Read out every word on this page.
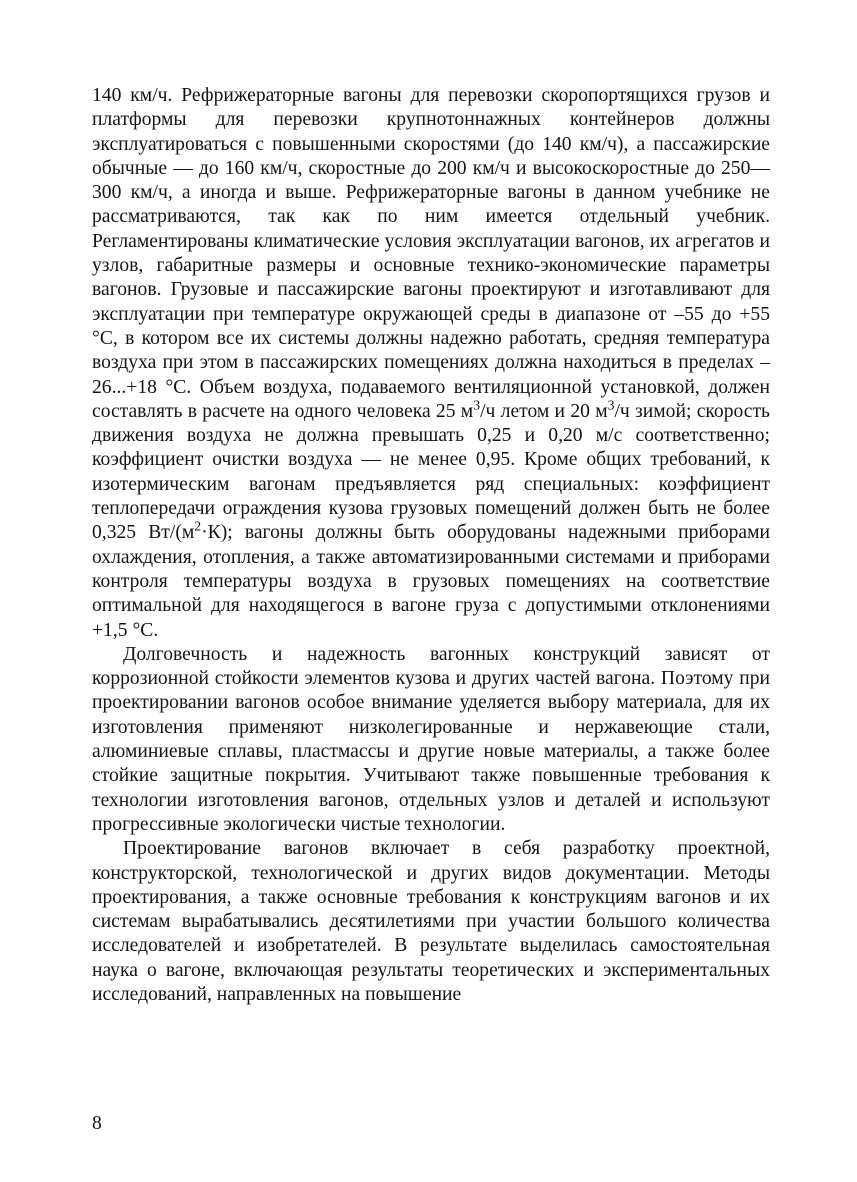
140 км/ч. Рефрижераторные вагоны для перевозки скоропортящихся грузов и платформы для перевозки крупнотоннажных контейнеров должны эксплуатироваться с повышенными скоростями (до 140 км/ч), а пассажирские обычные — до 160 км/ч, скоростные до 200 км/ч и высокоскоростные до 250—300 км/ч, а иногда и выше. Рефрижераторные вагоны в данном учебнике не рассматриваются, так как по ним имеется отдельный учебник. Регламентированы климатические условия эксплуатации вагонов, их агрегатов и узлов, габаритные размеры и основные технико-экономические параметры вагонов. Грузовые и пассажирские вагоны проектируют и изготавливают для эксплуатации при температуре окружающей среды в диапазоне от –55 до +55 °С, в котором все их системы должны надежно работать, средняя температура воздуха при этом в пассажирских помещениях должна находиться в пределах –26...+18 °С. Объем воздуха, подаваемого вентиляционной установкой, должен составлять в расчете на одного человека 25 $м^3/ч$ летом и 20 $м^3/ч$ зимой; скорость движения воздуха не должна превышать 0,25 и 0,20 м/с соответственно; коэффициент очистки воздуха — не менее 0,95. Кроме общих требований, к изотермическим вагонам предъявляется ряд специальных: коэффициент теплопередачи ограждения кузова грузовых помещений должен быть не более 0,325 $Вт/(м^2\cdot К)$; вагоны должны быть оборудованы надежными приборами охлаждения, отопления, а также автоматизированными системами и приборами контроля температуры воздуха в грузовых помещениях на соответствие оптимальной для находящегося в вагоне груза с допустимыми отклонениями +1,5 °С.

Долговечность и надежность вагонных конструкций зависят от коррозионной стойкости элементов кузова и других частей вагона. Поэтому при проектировании вагонов особое внимание уделяется выбору материала, для их изготовления применяют низколегированные и нержавеющие стали, алюминиевые сплавы, пластмассы и другие новые материалы, а также более стойкие защитные покрытия. Учитывают также повышенные требования к технологии изготовления вагонов, отдельных узлов и деталей и используют прогрессивные экологически чистые технологии.

Проектирование вагонов включает в себя разработку проектной, конструкторской, технологической и других видов документации. Методы проектирования, а также основные требования к конструкциям вагонов и их системам вырабатывались десятилетиями при участии большого количества исследователей и изобретателей. В результате выделилась самостоятельная наука о вагоне, включающая результаты теоретических и экспериментальных исследований, направленных на повышение

8
